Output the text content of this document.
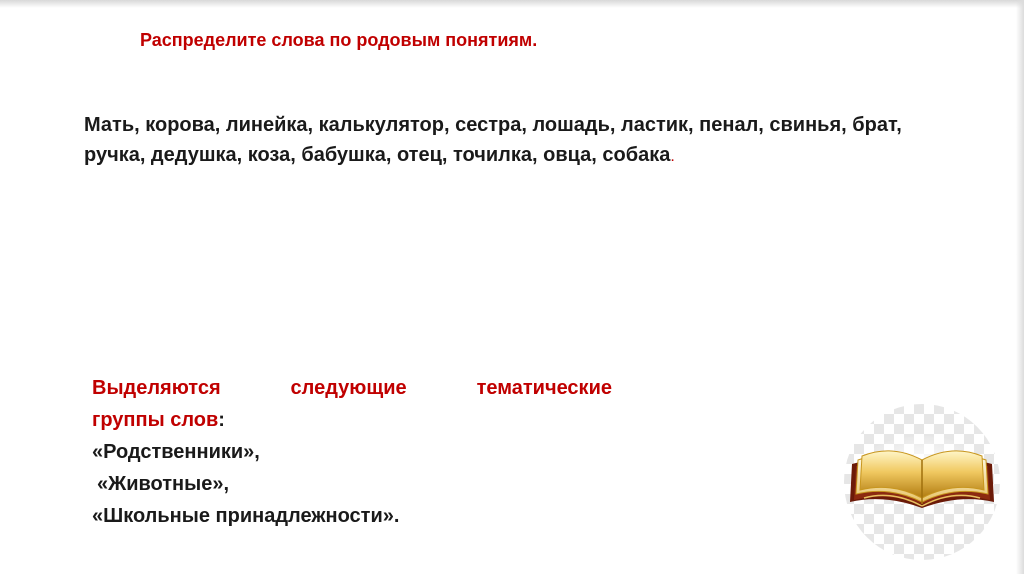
Распределите слова по родовым понятиям.
Мать, корова, линейка, калькулятор, сестра, лошадь, ластик, пенал, свинья, брат, ручка, дедушка, коза, бабушка, отец, точилка, овца, собака.
Выделяются	следующие	тематические
группы слов:
«Родственники»,
«Животные»,
«Школьные принадлежности».
